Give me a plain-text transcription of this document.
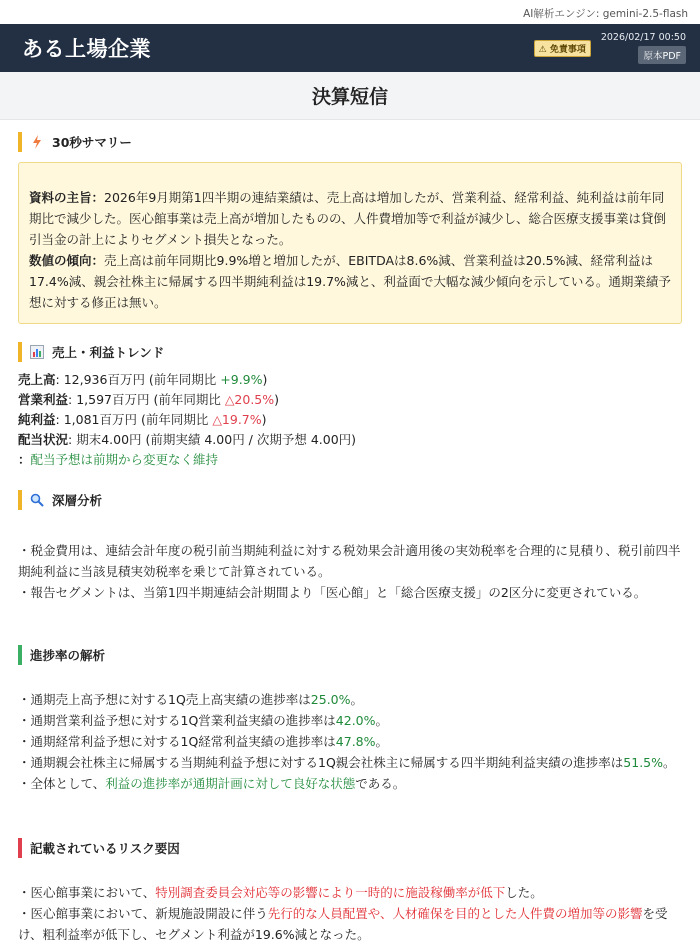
AI解析エンジン: gemini-2.5-flash
ある上場企業	⚠ 免責事項
2026/02/17 00:50
原本PDF
決算短信
30秒サマリー
資料の主旨：2026年9月期第1四半期の連結業績は、売上高は増加したが、営業利益、経常利益、純利益は前年同期比で減少した。医心館事業は売上高が増加したものの、人件費増加等で利益が減少し、総合医療支援事業は貸倒引当金の計上によりセグメント損失となった。
数値の傾向：売上高は前年同期比9.9%増と増加したが、EBITDAは8.6%減、営業利益は20.5%減、経常利益は17.4%減、親会社株主に帰属する四半期純利益は19.7%減と、利益面で大幅な減少傾向を示している。通期業績予想に対する修正は無い。
売上・利益トレンド
売上高: 12,936百万円 (前年同期比 +9.9%)
営業利益: 1,597百万円 (前年同期比 △20.5%)
純利益: 1,081百万円 (前年同期比 △19.7%)
配当状況: 期末4.00円 (前期実績 4.00円 / 次期予想 4.00円)
：配当予想は前期から変更なく維持
深層分析
・税金費用は、連結会計年度の税引前当期純利益に対する税効果会計適用後の実効税率を合理的に見積り、税引前四半期純利益に当該見積実効税率を乗じて計算されている。
・報告セグメントは、当第1四半期連結会計期間より「医心館」と「総合医療支援」の2区分に変更されている。
進捗率の解析
・通期売上高予想に対する1Q売上高実績の進捗率は25.0%。
・通期営業利益予想に対する1Q営業利益実績の進捗率は42.0%。
・通期経常利益予想に対する1Q経常利益実績の進捗率は47.8%。
・通期親会社株主に帰属する当期純利益予想に対する1Q親会社株主に帰属する四半期純利益実績の進捗率は51.5%。
・全体として、利益の進捗率が通期計画に対して良好な状態である。
記載されているリスク要因
・医心館事業において、特別調査委員会対応等の影響により一時的に施設稼働率が低下した。
・医心館事業において、新規施設開設に伴う先行的な人員配置や、人材確保を目的とした人件費の増加等の影響を受け、粗利益率が低下し、セグメント利益が19.6%減となった。
